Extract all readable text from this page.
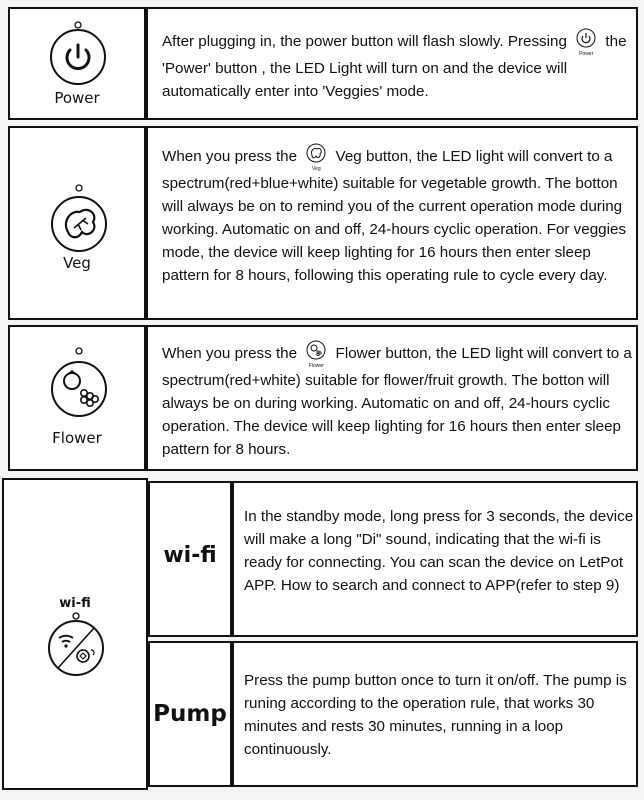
Power
After plugging in, the power button will flash slowly. Pressing
Power
the 'Power' button , the LED Light will turn on and the device will automatically enter into 'Veggies' mode.
Veg
When you press the
Veg
Veg button, the LED light will convert to a spectrum(red+blue+white) suitable for vegetable growth. The botton will always be on to remind you of the current operation mode during working. Automatic on and off, 24-hours cyclic operation. For veggies mode, the device will keep lighting for 16 hours then enter sleep pattern for 8 hours, following this operating rule to cycle every day.
Flower
When you press the
Flower
Flower button, the LED light will convert to a spectrum(red+white) suitable for flower/fruit growth. The botton will always be on during working. Automatic on and off, 24-hours cyclic operation. The device will keep lighting for 16 hours then enter sleep pattern for 8 hours.
wi-fi
wi-fi
In the standby mode, long press for 3 seconds, the device will make a long "Di" sound, indicating that the wi-fi is ready for connecting. You can scan the device on LetPot APP. How to search and connect to APP(refer to step 9)
Pump
Press the pump button once to turn it on/off. The pump is runing according to the operation rule, that works 30 minutes and rests 30 minutes, running in a loop continuously.
